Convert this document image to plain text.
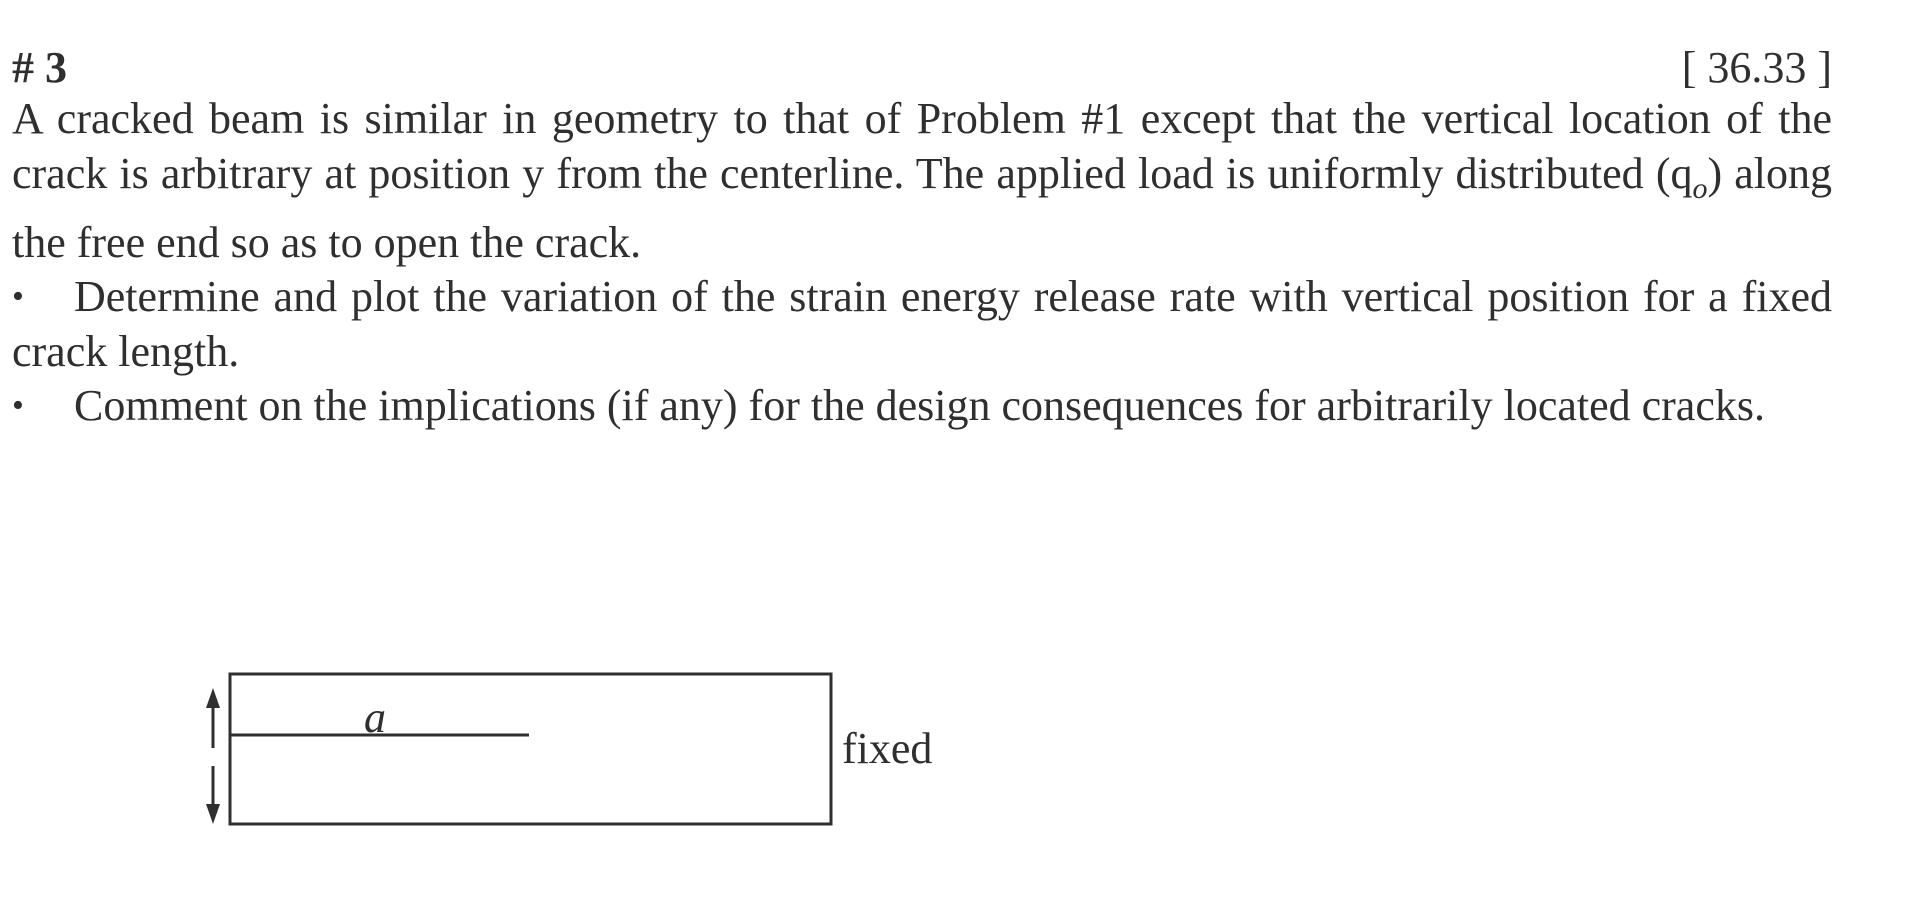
# 3	[ 36.33 ]

A cracked beam is similar in geometry to that of Problem #1 except that the vertical location of the crack is arbitrary at position y from the centerline. The applied load is uniformly distributed $(q_o)$ along the free end so as to open the crack.

• Determine and plot the variation of the strain energy release rate with vertical position for a fixed crack length.

• Comment on the implications (if any) for the design consequences for arbitrarily located cracks.

a
fixed
